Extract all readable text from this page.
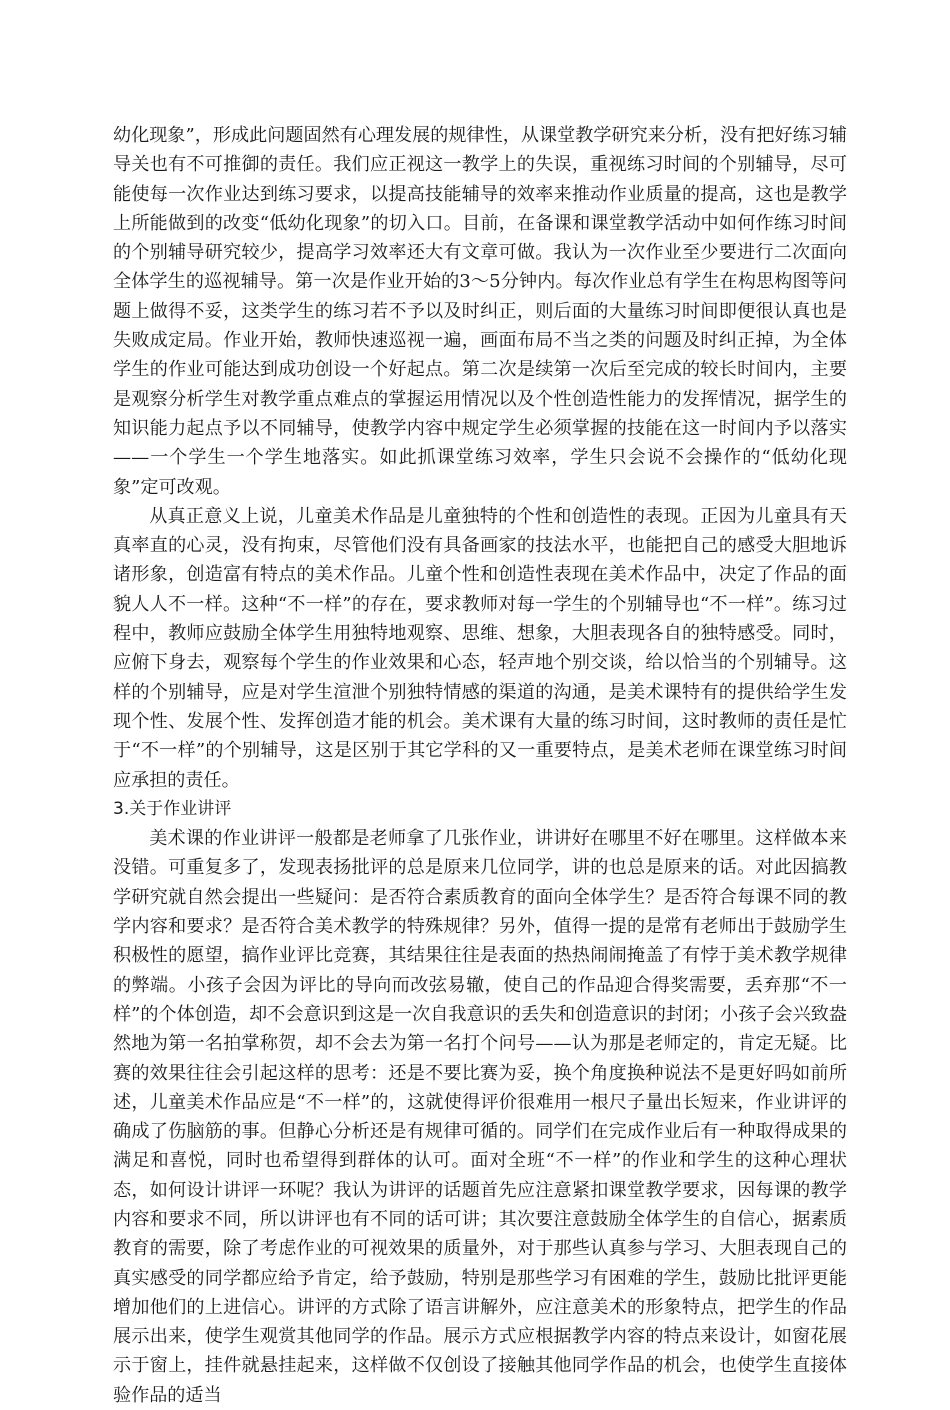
幼化现象”，形成此问题固然有心理发展的规律性，从课堂教学研究来分析，没有把好练习辅导关也有不可推御的责任。我们应正视这一教学上的失误，重视练习时间的个别辅导，尽可能使每一次作业达到练习要求，以提高技能辅导的效率来推动作业质量的提高，这也是教学上所能做到的改变“低幼化现象”的切入口。目前，在备课和课堂教学活动中如何作练习时间的个别辅导研究较少，提高学习效率还大有文章可做。我认为一次作业至少要进行二次面向全体学生的巡视辅导。第一次是作业开始的3～5分钟内。每次作业总有学生在构思构图等问题上做得不妥，这类学生的练习若不予以及时纠正，则后面的大量练习时间即便很认真也是失败成定局。作业开始，教师快速巡视一遍，画面布局不当之类的问题及时纠正掉，为全体学生的作业可能达到成功创设一个好起点。第二次是续第一次后至完成的较长时间内，主要是观察分析学生对教学重点难点的掌握运用情况以及个性创造性能力的发挥情况，据学生的知识能力起点予以不同辅导，使教学内容中规定学生必须掌握的技能在这一时间内予以落实——一个学生一个学生地落实。如此抓课堂练习效率，学生只会说不会操作的“低幼化现象”定可改观。

从真正意义上说，儿童美术作品是儿童独特的个性和创造性的表现。正因为儿童具有天真率直的心灵，没有拘束，尽管他们没有具备画家的技法水平，也能把自己的感受大胆地诉诸形象，创造富有特点的美术作品。儿童个性和创造性表现在美术作品中，决定了作品的面貌人人不一样。这种“不一样”的存在，要求教师对每一学生的个别辅导也“不一样”。练习过程中，教师应鼓励全体学生用独特地观察、思维、想象，大胆表现各自的独特感受。同时，应俯下身去，观察每个学生的作业效果和心态，轻声地个别交谈，给以恰当的个别辅导。这样的个别辅导，应是对学生渲泄个别独特情感的渠道的沟通，是美术课特有的提供给学生发现个性、发展个性、发挥创造才能的机会。美术课有大量的练习时间，这时教师的责任是忙于“不一样”的个别辅导，这是区别于其它学科的又一重要特点，是美术老师在课堂练习时间应承担的责任。

3.关于作业讲评

美术课的作业讲评一般都是老师拿了几张作业，讲讲好在哪里不好在哪里。这样做本来没错。可重复多了，发现表扬批评的总是原来几位同学，讲的也总是原来的话。对此因搞教学研究就自然会提出一些疑问：是否符合素质教育的面向全体学生？是否符合每课不同的教学内容和要求？是否符合美术教学的特殊规律？另外，值得一提的是常有老师出于鼓励学生积极性的愿望，搞作业评比竞赛，其结果往往是表面的热热闹闹掩盖了有悖于美术教学规律的弊端。小孩子会因为评比的导向而改弦易辙，使自己的作品迎合得奖需要，丢弃那“不一样”的个体创造，却不会意识到这是一次自我意识的丢失和创造意识的封闭；小孩子会兴致盎然地为第一名拍掌称贺，却不会去为第一名打个问号——认为那是老师定的，肯定无疑。比赛的效果往往会引起这样的思考：还是不要比赛为妥，换个角度换种说法不是更好吗如前所述，儿童美术作品应是“不一样”的，这就使得评价很难用一根尺子量出长短来，作业讲评的确成了伤脑筋的事。但静心分析还是有规律可循的。同学们在完成作业后有一种取得成果的满足和喜悦，同时也希望得到群体的认可。面对全班“不一样”的作业和学生的这种心理状态，如何设计讲评一环呢？我认为讲评的话题首先应注意紧扣课堂教学要求，因每课的教学内容和要求不同，所以讲评也有不同的话可讲；其次要注意鼓励全体学生的自信心，据素质教育的需要，除了考虑作业的可视效果的质量外，对于那些认真参与学习、大胆表现自己的真实感受的同学都应给予肯定，给予鼓励，特别是那些学习有困难的学生，鼓励比批评更能增加他们的上进信心。讲评的方式除了语言讲解外，应注意美术的形象特点，把学生的作品展示出来，使学生观赏其他同学的作品。展示方式应根据教学内容的特点来设计，如窗花展示于窗上，挂件就悬挂起来，这样做不仅创设了接触其他同学作品的机会，也使学生直接体验作品的适当
